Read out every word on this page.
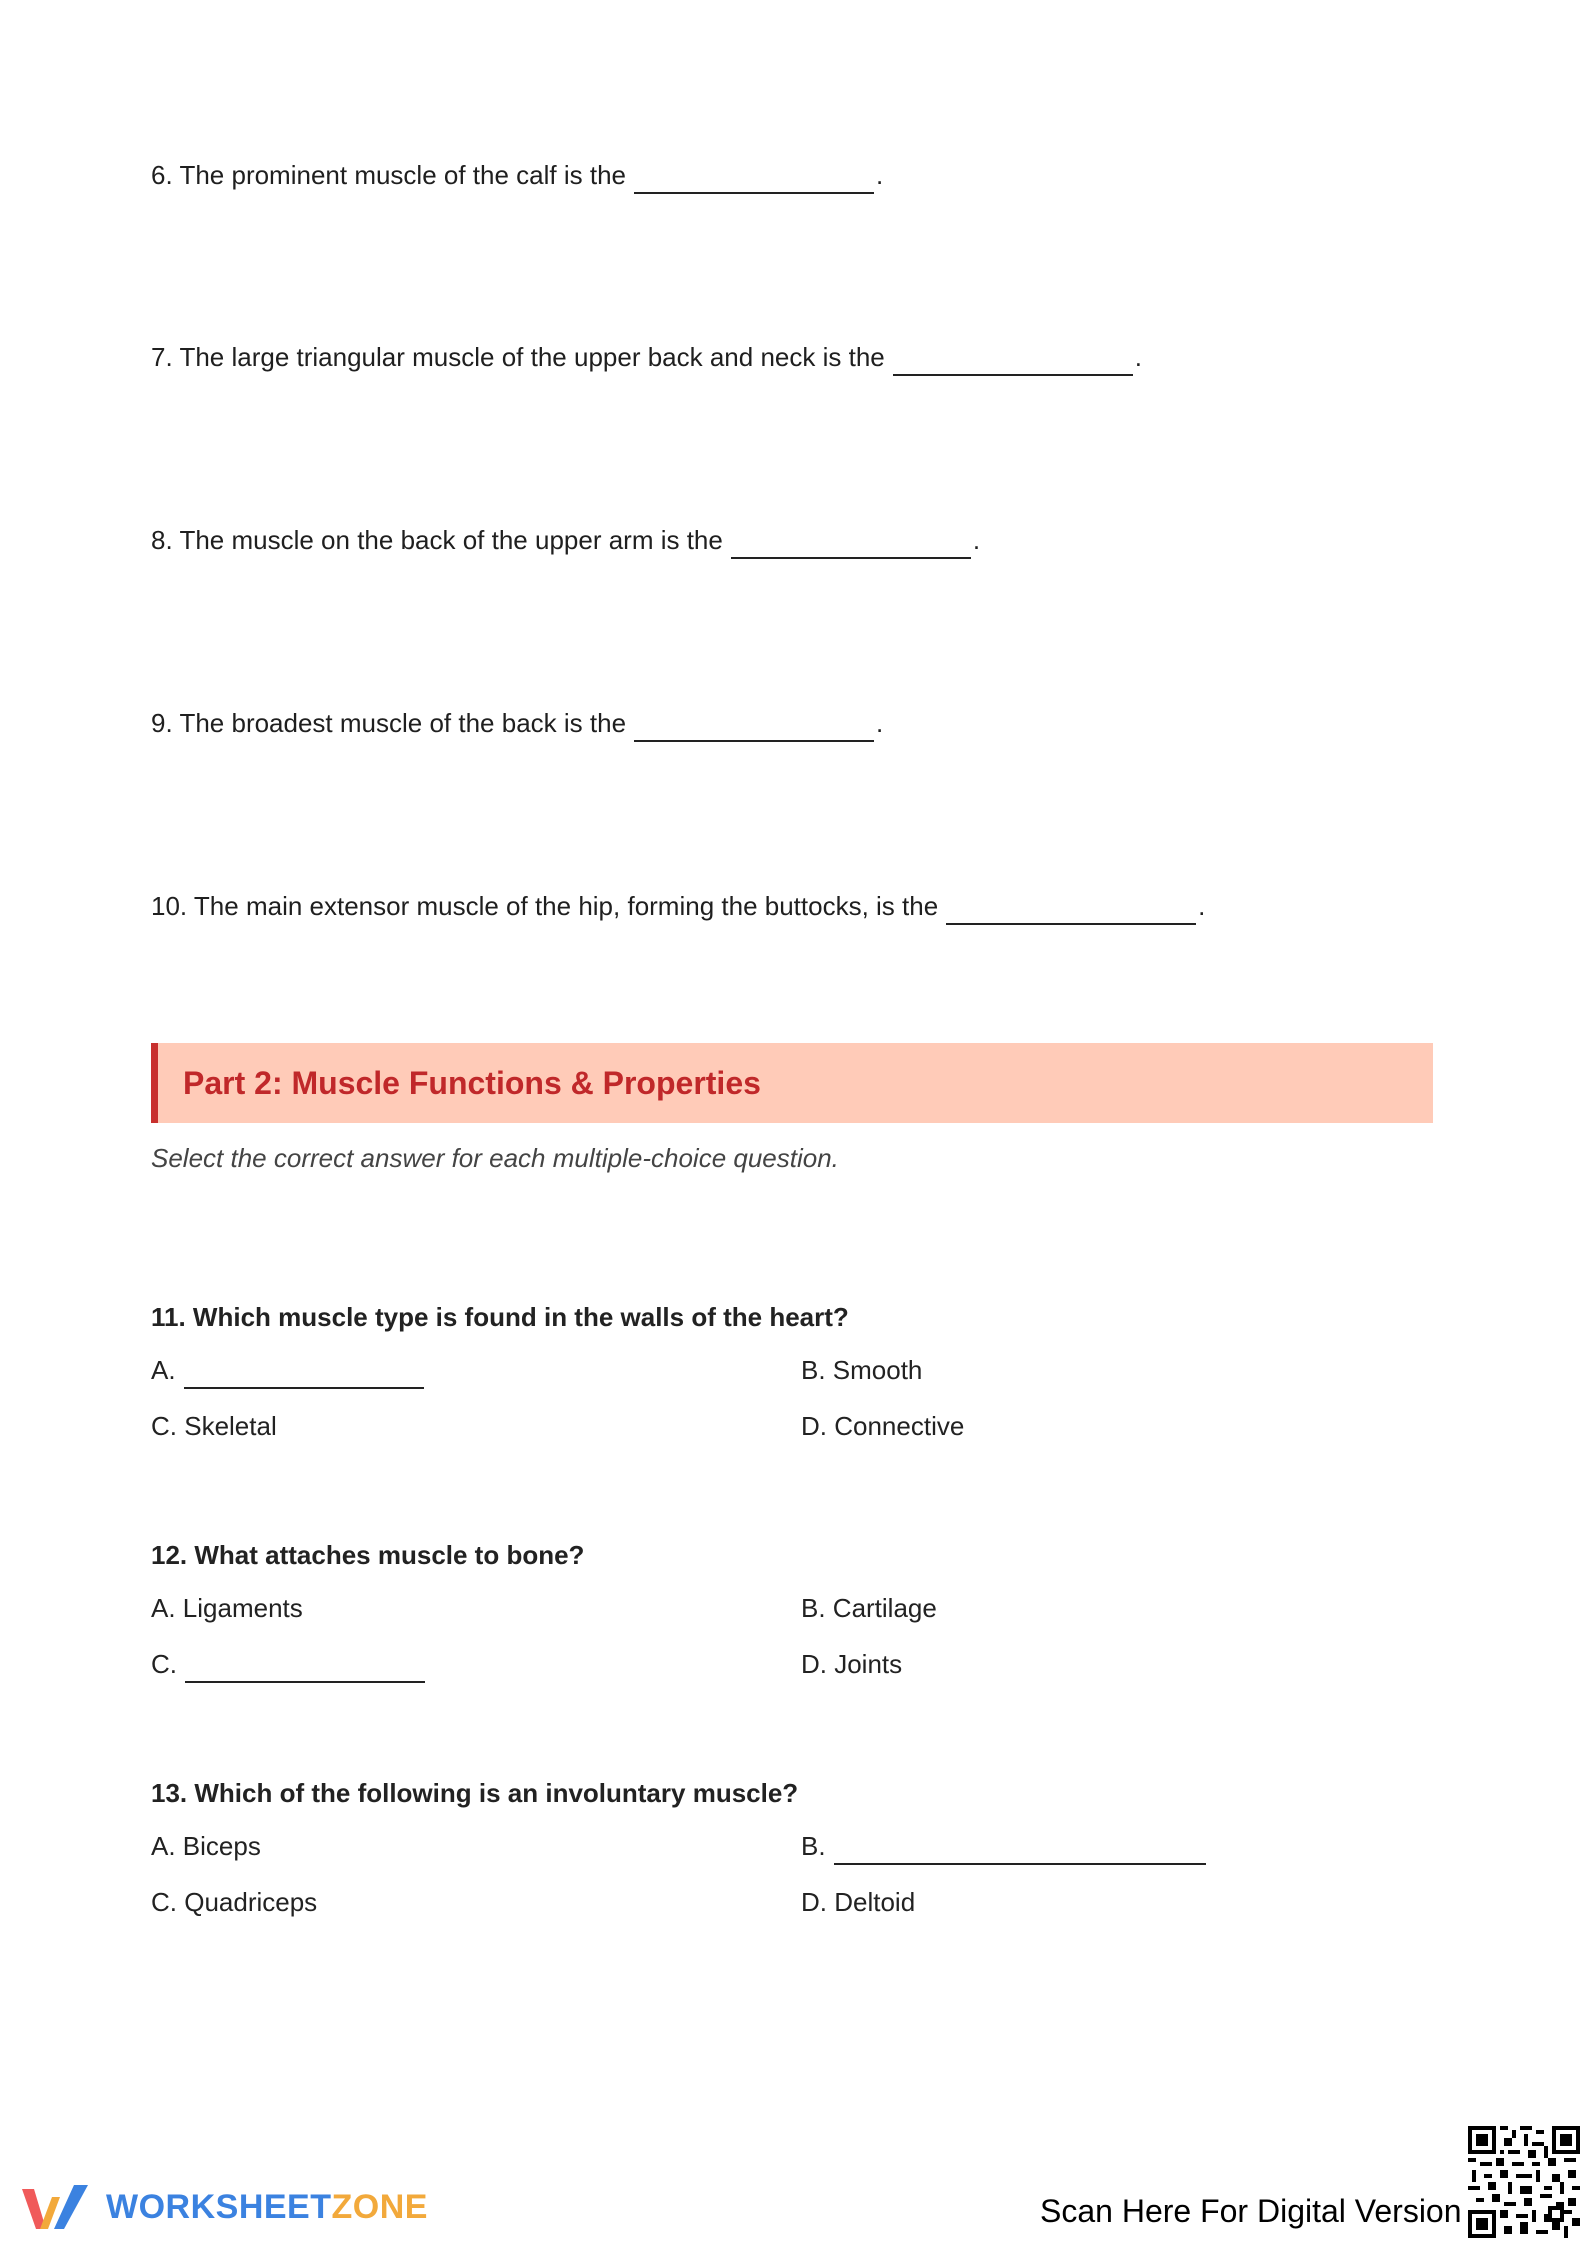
6. The prominent muscle of the calf is the	.
7. The large triangular muscle of the upper back and neck is the	.
8. The muscle on the back of the upper arm is the	.
9. The broadest muscle of the back is the	.
10. The main extensor muscle of the hip, forming the buttocks, is the	.
Part 2: Muscle Functions & Properties
Select the correct answer for each multiple-choice question.
11. Which muscle type is found in the walls of the heart?
A.	B. Smooth
C. Skeletal	D. Connective
12. What attaches muscle to bone?
A. Ligaments	B. Cartilage
C.	D. Joints
13. Which of the following is an involuntary muscle?
A. Biceps	B.
C. Quadriceps	D. Deltoid
WORKSHEETZONE	Scan Here For Digital Version
